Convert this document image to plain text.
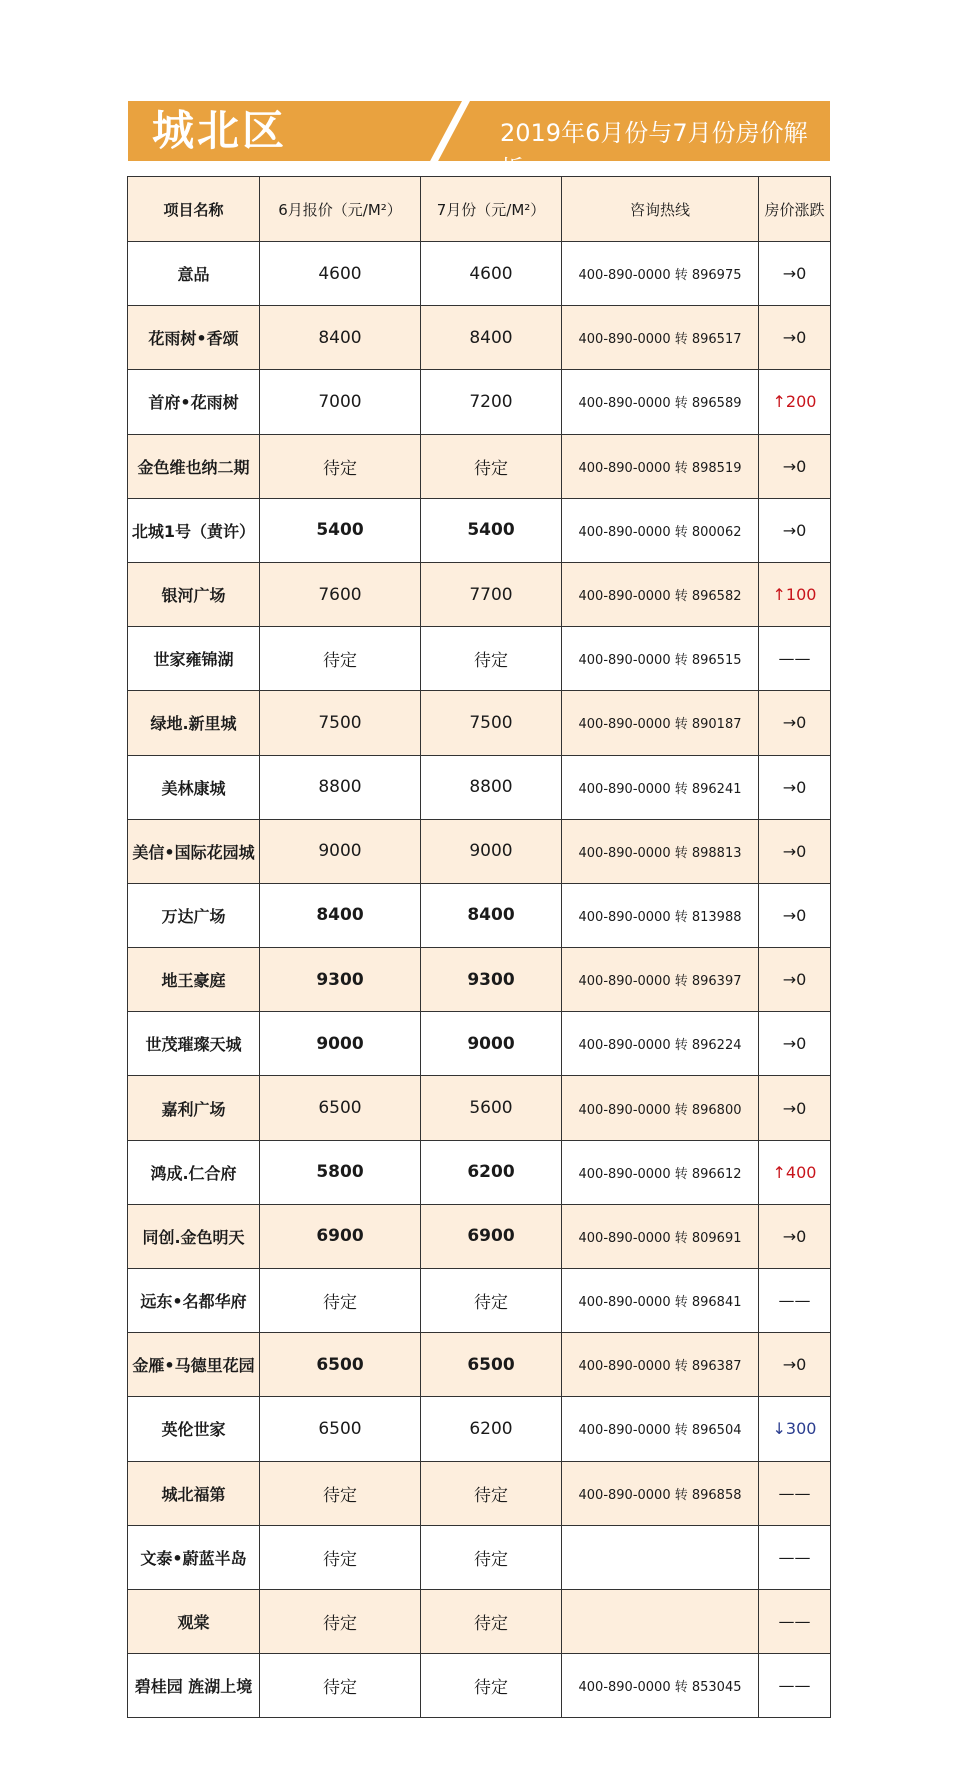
城北区	2019年6月份与7月份房价解析
项目名称	6月报价（元/M²）	7月份（元/M²）	咨询热线	房价涨跌
意品	4600	4600	400-890-0000 转 896975	→0
花雨树•香颂	8400	8400	400-890-0000 转 896517	→0
首府•花雨树	7000	7200	400-890-0000 转 896589	↑200
金色维也纳二期	待定	待定	400-890-0000 转 898519	→0
北城1号（黄许）	5400	5400	400-890-0000 转 800062	→0
银河广场	7600	7700	400-890-0000 转 896582	↑100
世家雍锦湖	待定	待定	400-890-0000 转 896515	——
绿地.新里城	7500	7500	400-890-0000 转 890187	→0
美林康城	8800	8800	400-890-0000 转 896241	→0
美信•国际花园城	9000	9000	400-890-0000 转 898813	→0
万达广场	8400	8400	400-890-0000 转 813988	→0
地王豪庭	9300	9300	400-890-0000 转 896397	→0
世茂璀璨天城	9000	9000	400-890-0000 转 896224	→0
嘉利广场	6500	5600	400-890-0000 转 896800	→0
鸿成.仁合府	5800	6200	400-890-0000 转 896612	↑400
同创.金色明天	6900	6900	400-890-0000 转 809691	→0
远东•名都华府	待定	待定	400-890-0000 转 896841	——
金雁•马德里花园	6500	6500	400-890-0000 转 896387	→0
英伦世家	6500	6200	400-890-0000 转 896504	↓300
城北福第	待定	待定	400-890-0000 转 896858	——
文泰•蔚蓝半岛	待定	待定		——
观棠	待定	待定		——
碧桂园 旌湖上境	待定	待定	400-890-0000 转 853045	——
